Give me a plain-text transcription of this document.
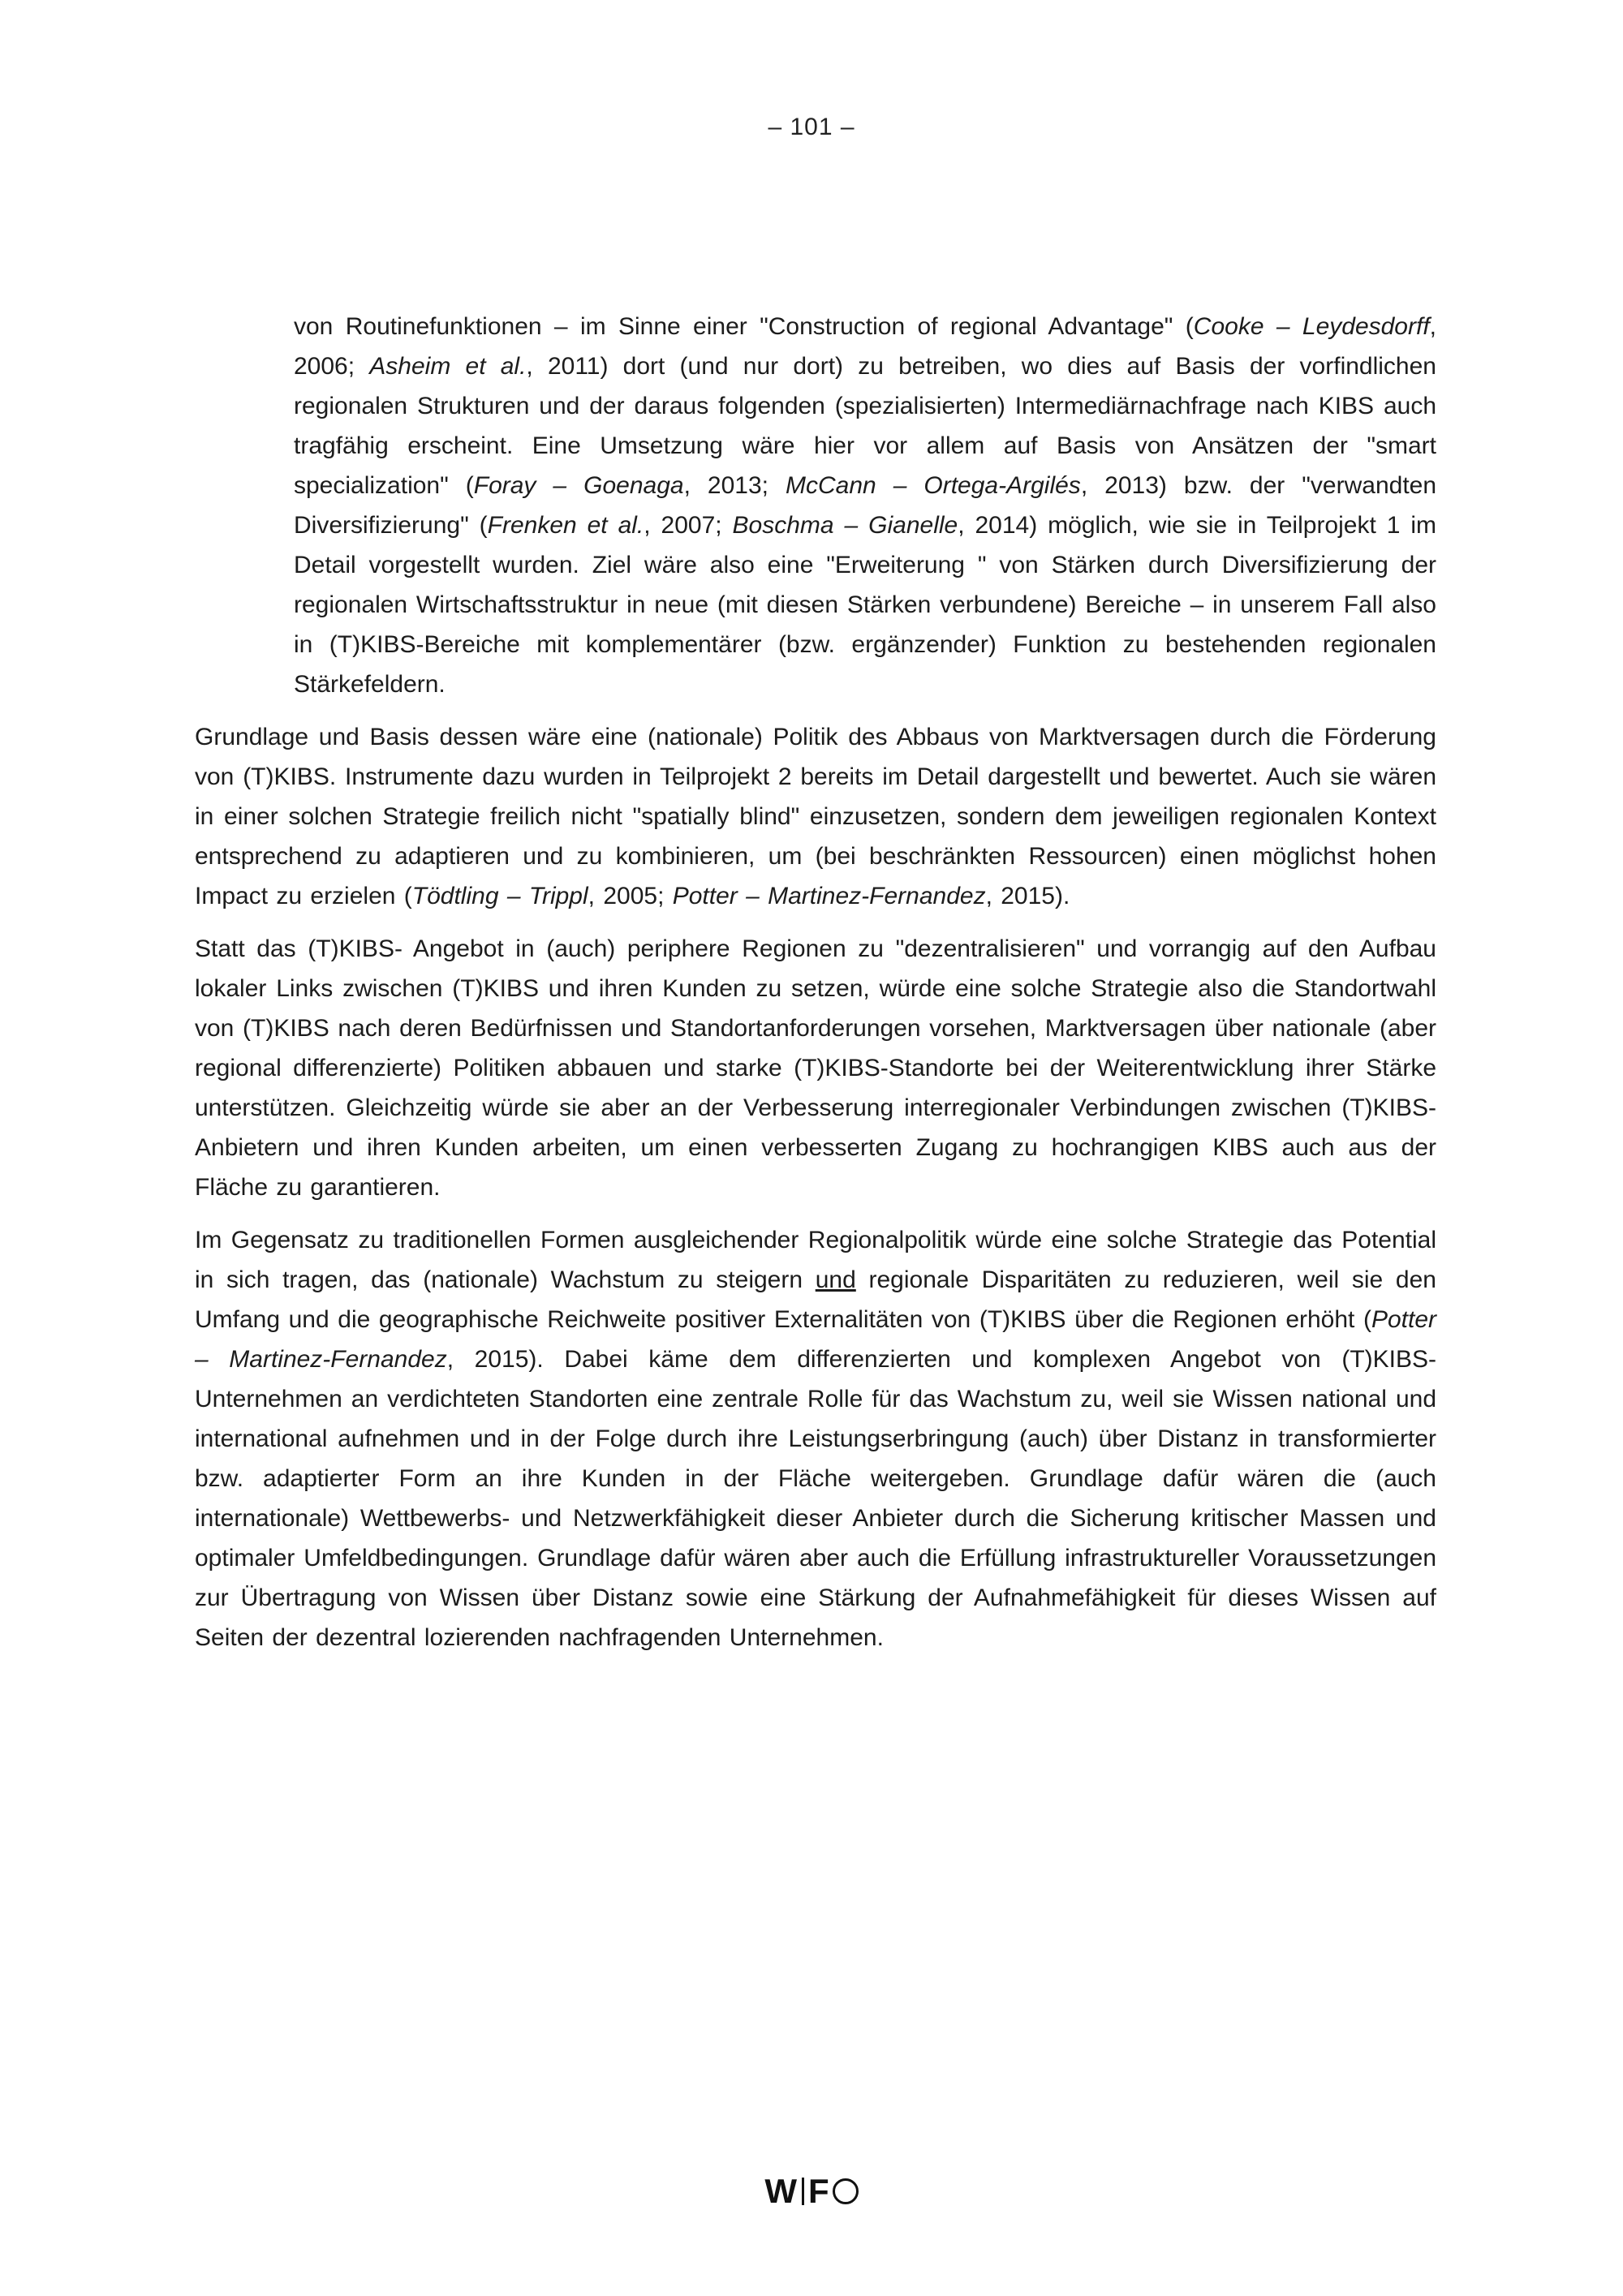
– 101 –

von Routinefunktionen – im Sinne einer "Construction of regional Advantage" (Cooke – Leydesdorff, 2006; Asheim et al., 2011) dort (und nur dort) zu betreiben, wo dies auf Basis der vorfindlichen regionalen Strukturen und der daraus folgenden (spezialisierten) Intermediärnachfrage nach KIBS auch tragfähig erscheint. Eine Umsetzung wäre hier vor allem auf Basis von Ansätzen der "smart specialization" (Foray – Goenaga, 2013; McCann – Ortega-Argilés, 2013) bzw. der "verwandten Diversifizierung" (Frenken et al., 2007; Boschma – Gianelle, 2014) möglich, wie sie in Teilprojekt 1 im Detail vorgestellt wurden. Ziel wäre also eine "Erweiterung " von Stärken durch Diversifizierung der regionalen Wirtschaftsstruktur in neue (mit diesen Stärken verbundene) Bereiche – in unserem Fall also in (T)KIBS-Bereiche mit komplementärer (bzw. ergänzender) Funktion zu bestehenden regionalen Stärkefeldern.

Grundlage und Basis dessen wäre eine (nationale) Politik des Abbaus von Marktversagen durch die Förderung von (T)KIBS. Instrumente dazu wurden in Teilprojekt 2 bereits im Detail dargestellt und bewertet. Auch sie wären in einer solchen Strategie freilich nicht "spatially blind" einzusetzen, sondern dem jeweiligen regionalen Kontext entsprechend zu adaptieren und zu kombinieren, um (bei beschränkten Ressourcen) einen möglichst hohen Impact zu erzielen (Tödtling – Trippl, 2005; Potter – Martinez-Fernandez, 2015).

Statt das (T)KIBS- Angebot in (auch) periphere Regionen zu "dezentralisieren" und vorrangig auf den Aufbau lokaler Links zwischen (T)KIBS und ihren Kunden zu setzen, würde eine solche Strategie also die Standortwahl von (T)KIBS nach deren Bedürfnissen und Standortanforderungen vorsehen, Marktversagen über nationale (aber regional differenzierte) Politiken abbauen und starke (T)KIBS-Standorte bei der Weiterentwicklung ihrer Stärke unterstützen. Gleichzeitig würde sie aber an der Verbesserung interregionaler Verbindungen zwischen (T)KIBS-Anbietern und ihren Kunden arbeiten, um einen verbesserten Zugang zu hochrangigen KIBS auch aus der Fläche zu garantieren.

Im Gegensatz zu traditionellen Formen ausgleichender Regionalpolitik würde eine solche Strategie das Potential in sich tragen, das (nationale) Wachstum zu steigern und regionale Disparitäten zu reduzieren, weil sie den Umfang und die geographische Reichweite positiver Externalitäten von (T)KIBS über die Regionen erhöht (Potter – Martinez-Fernandez, 2015). Dabei käme dem differenzierten und komplexen Angebot von (T)KIBS-Unternehmen an verdichteten Standorten eine zentrale Rolle für das Wachstum zu, weil sie Wissen national und international aufnehmen und in der Folge durch ihre Leistungserbringung (auch) über Distanz in transformierter bzw. adaptierter Form an ihre Kunden in der Fläche weitergeben. Grundlage dafür wären die (auch internationale) Wettbewerbs- und Netzwerkfähigkeit dieser Anbieter durch die Sicherung kritischer Massen und optimaler Umfeldbedingungen. Grundlage dafür wären aber auch die Erfüllung infrastruktureller Voraussetzungen zur Übertragung von Wissen über Distanz sowie eine Stärkung der Aufnahmefähigkeit für dieses Wissen auf Seiten der dezentral lozierenden nachfragenden Unternehmen.

W F
